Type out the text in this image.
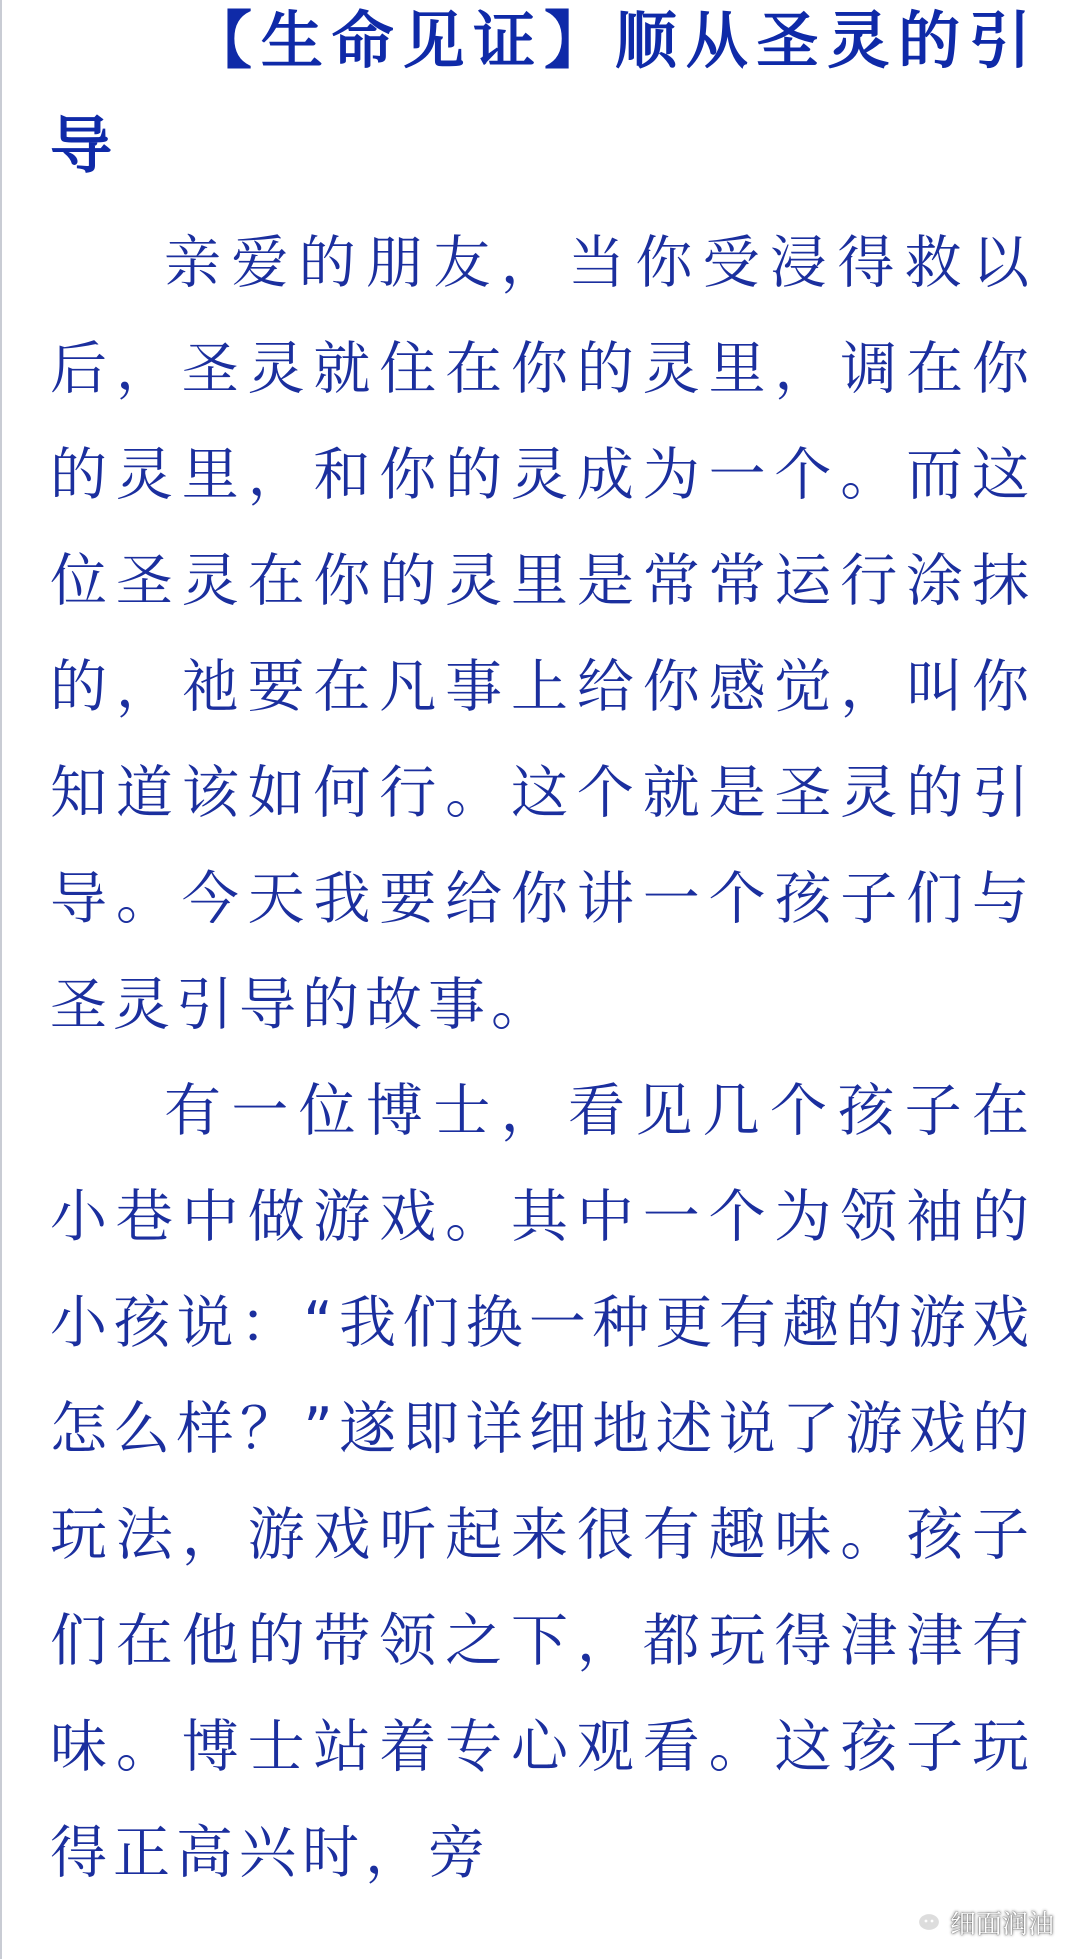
【生命见证】顺从圣灵的引导

亲爱的朋友，当你受浸得救以后，圣灵就住在你的灵里，调在你的灵里，和你的灵成为一个。而这位圣灵在你的灵里是常常运行涂抹的，祂要在凡事上给你感觉，叫你知道该如何行。这个就是圣灵的引导。今天我要给你讲一个孩子们与圣灵引导的故事。

有一位博士，看见几个孩子在小巷中做游戏。其中一个为领袖的小孩说：“我们换一种更有趣的游戏怎么样？”遂即详细地述说了游戏的玩法，游戏听起来很有趣味。孩子们在他的带领之下，都玩得津津有味。博士站着专心观看。这孩子玩得正高兴时，旁

细面润油
